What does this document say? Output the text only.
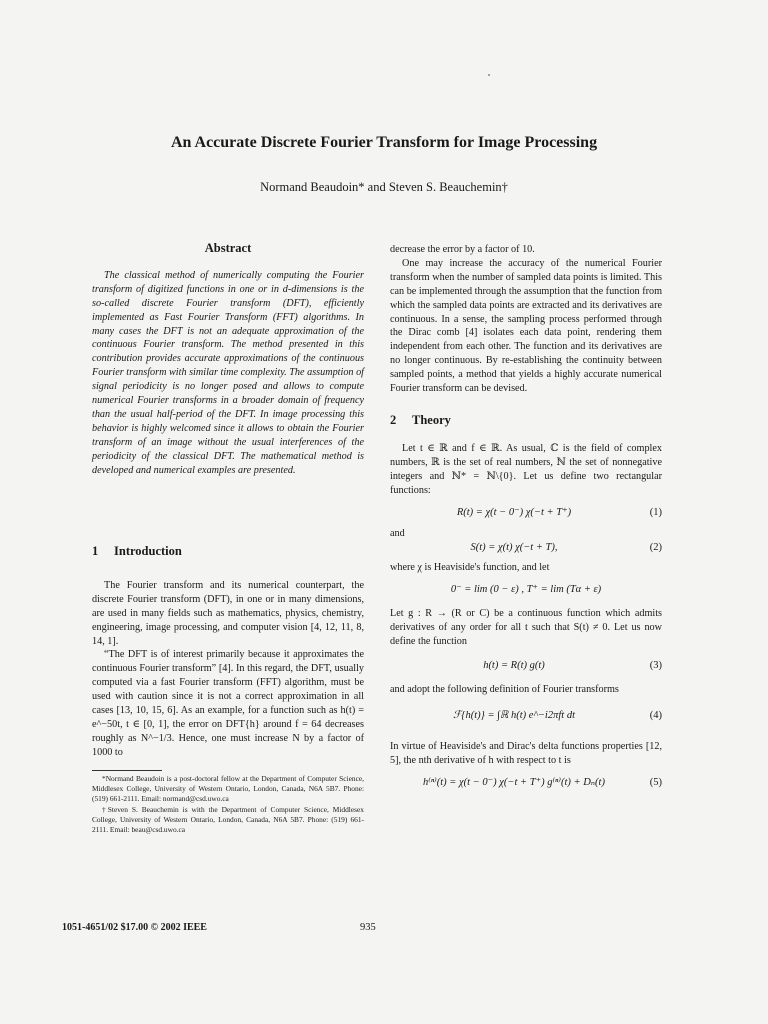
An Accurate Discrete Fourier Transform for Image Processing
Normand Beaudoin* and Steven S. Beauchemin†
Abstract

The classical method of numerically computing the Fourier transform of digitized functions in one or in d-dimensions is the so-called discrete Fourier transform (DFT), efficiently implemented as Fast Fourier Transform (FFT) algorithms. In many cases the DFT is not an adequate approximation of the continuous Fourier transform. The method presented in this contribution provides accurate approximations of the continuous Fourier transform with similar time complexity. The assumption of signal periodicity is no longer posed and allows to compute numerical Fourier transforms in a broader domain of frequency than the usual half-period of the DFT. In image processing this behavior is highly welcomed since it allows to obtain the Fourier transform of an image without the usual interferences of the periodicity of the classical DFT. The mathematical method is developed and numerical examples are presented.

1 Introduction

The Fourier transform and its numerical counterpart, the discrete Fourier transform (DFT), in one or in many dimensions, are used in many fields such as mathematics, physics, chemistry, engineering, image processing, and computer vision [4, 12, 11, 8, 14, 1].

“The DFT is of interest primarily because it approximates the continuous Fourier transform” [4]. In this regard, the DFT, usually computed via a fast Fourier transform (FFT) algorithm, must be used with caution since it is not a correct approximation in all cases [13, 10, 15, 6]. As an example, for a function such as h(t) = e^−50t, t ∈ [0, 1], the error on DFT{h} around f = 64 decreases roughly as N^−1/3. Hence, one must increase N by a factor of 1000 to

*Normand Beaudoin is a post-doctoral fellow at the Department of Computer Science, Middlesex College, University of Western Ontario, London, Canada, N6A 5B7. Phone: (519) 661-2111. Email: normand@csd.uwo.ca

†Steven S. Beauchemin is with the Department of Computer Science, Middlesex College, University of Western Ontario, London, Canada, N6A 5B7. Phone: (519) 661-2111. Email: beau@csd.uwo.ca

decrease the error by a factor of 10.

One may increase the accuracy of the numerical Fourier transform when the number of sampled data points is limited. This can be implemented through the assumption that the function from which the sampled data points are extracted and its derivatives are continuous. In a sense, the sampling process performed through the Dirac comb [4] isolates each data point, rendering them independent from each other. The function and its derivatives are no longer continuous. By re-establishing the continuity between sampled points, a method that yields a highly accurate numerical Fourier transform can be devised.

2 Theory

Let t ∈ ℝ and f ∈ ℝ. As usual, ℂ is the field of complex numbers, ℝ is the set of real numbers, ℕ the set of nonnegative integers and ℕ* = ℕ\{0}. Let us define two rectangular functions:

R(t) = χ(t − 0⁻) χ(−t + T⁺)	(1)

and

S(t) = χ(t) χ(−t + T),	(2)

where χ is Heaviside's function, and let

0⁻ = lim (0 − ε) , T⁺ = lim (Tα + ε)

Let g : R → (R or C) be a continuous function which admits derivatives of any order for all t such that S(t) ≠ 0. Let us now define the function

h(t) = R(t) g(t)	(3)

and adopt the following definition of Fourier transforms

ℱ{h(t)} = ∫ℝ h(t) e^−i2πft dt	(4)

In virtue of Heaviside's and Dirac's delta functions properties [12, 5], the nth derivative of h with respect to t is

h⁽ⁿ⁾(t) = χ(t − 0⁻) χ(−t + T⁺) g⁽ⁿ⁾(t) + Dₙ(t)	(5)
1051-4651/02 $17.00 © 2002 IEEE	935
